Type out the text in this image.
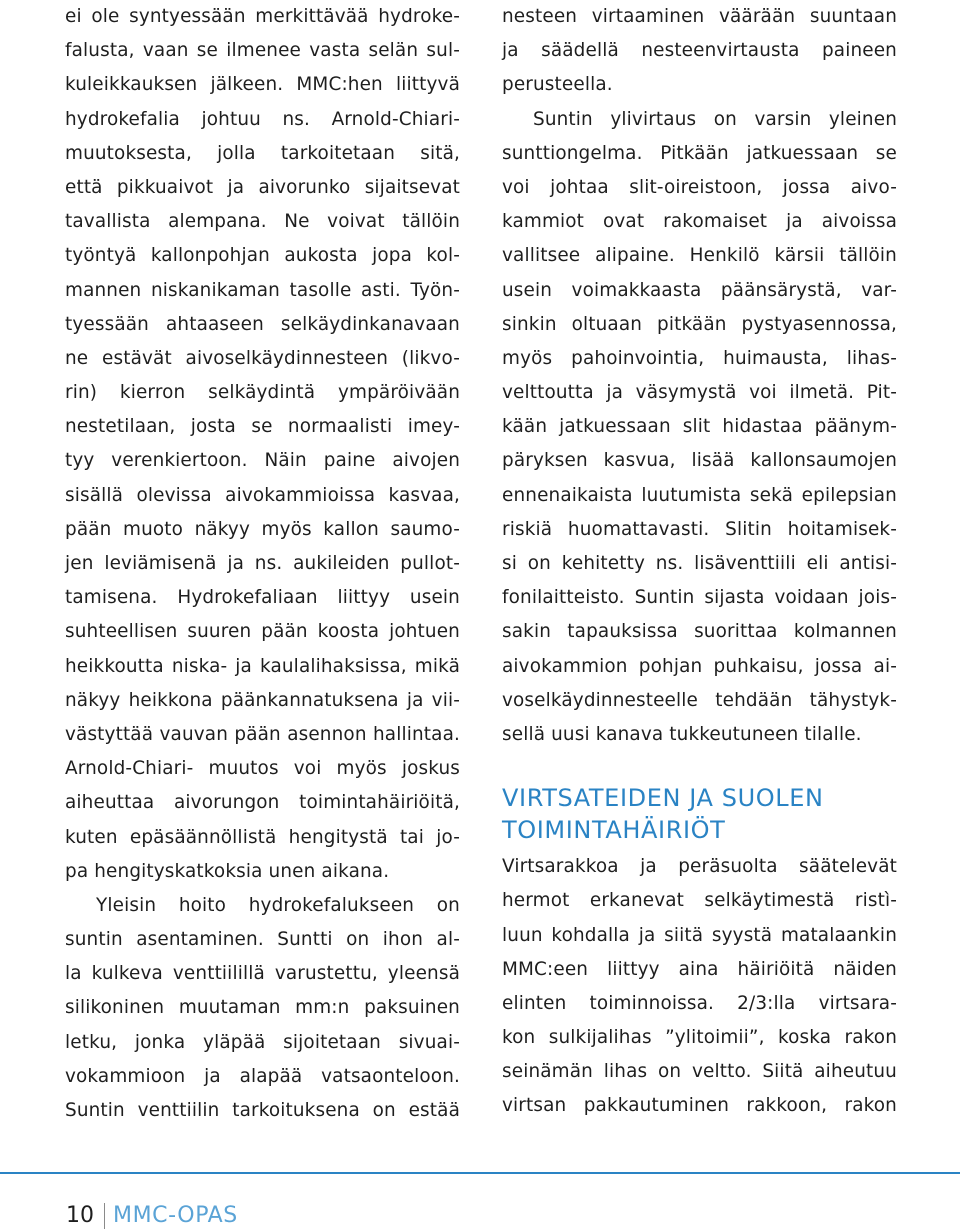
ei ole syntyessään merkittävää hydroke-
falusta, vaan se ilmenee vasta selän sul-
kuleikkauksen jälkeen. MMC:hen liittyvä
hydrokefalia johtuu ns. Arnold-Chiari-
muutoksesta, jolla tarkoitetaan sitä,
että pikkuaivot ja aivorunko sijaitsevat
tavallista alempana. Ne voivat tällöin
työntyä kallonpohjan aukosta jopa kol-
mannen niskanikaman tasolle asti. Työn-
tyessään ahtaaseen selkäydinkanavaan
ne estävät aivoselkäydinnesteen (likvo-
rin) kierron selkäydintä ympäröivään
nestetilaan, josta se normaalisti imey-
tyy verenkiertoon. Näin paine aivojen
sisällä olevissa aivokammioissa kasvaa,
pään muoto näkyy myös kallon saumo-
jen leviämisenä ja ns. aukileiden pullot-
tamisena. Hydrokefaliaan liittyy usein
suhteellisen suuren pään koosta johtuen
heikkoutta niska- ja kaulalihaksissa, mikä
näkyy heikkona päänkannatuksena ja vii-
västyttää vauvan pään asennon hallintaa.
Arnold-Chiari- muutos voi myös joskus
aiheuttaa aivorungon toimintahäiriöitä,
kuten epäsäännöllistä hengitystä tai jo-
pa hengityskatkoksia unen aikana.
Yleisin hoito hydrokefalukseen on
suntin asentaminen. Suntti on ihon al-
la kulkeva venttiilillä varustettu, yleensä
silikoninen muutaman mm:n paksuinen
letku, jonka yläpää sijoitetaan sivuai-
vokammioon ja alapää vatsaonteloon.
Suntin venttiilin tarkoituksena on estää
nesteen virtaaminen väärään suuntaan
ja säädellä nesteenvirtausta paineen
perusteella.
Suntin ylivirtaus on varsin yleinen
sunttiongelma. Pitkään jatkuessaan se
voi johtaa slit-oireistoon, jossa aivo-
kammiot ovat rakomaiset ja aivoissa
vallitsee alipaine. Henkilö kärsii tällöin
usein voimakkaasta päänsärystä, var-
sinkin oltuaan pitkään pystyasennossa,
myös pahoinvointia, huimausta, lihas-
velttoutta ja väsymystä voi ilmetä. Pit-
kään jatkuessaan slit hidastaa päänym-
päryksen kasvua, lisää kallonsaumojen
ennenaikaista luutumista sekä epilepsian
riskiä huomattavasti. Slitin hoitamisek-
si on kehitetty ns. lisäventtiili eli antisi-
fonilaitteisto. Suntin sijasta voidaan jois-
sakin tapauksissa suorittaa kolmannen
aivokammion pohjan puhkaisu, jossa ai-
voselkäydinnesteelle tehdään tähystyk-
sellä uusi kanava tukkeutuneen tilalle.
VIRTSATEIDEN JA SUOLEN
TOIMINTAHÄIRIÖT
Virtsarakkoa ja peräsuolta säätelevät
hermot erkanevat selkäytimestä ristì-
luun kohdalla ja siitä syystä matalaankin
MMC:een liittyy aina häiriöitä näiden
elinten toiminnoissa. 2/3:lla virtsara-
kon sulkijalihas ”ylitoimii”, koska rakon
seinämän lihas on veltto. Siitä aiheutuu
virtsan pakkautuminen rakkoon, rakon
10 MMC-OPAS
